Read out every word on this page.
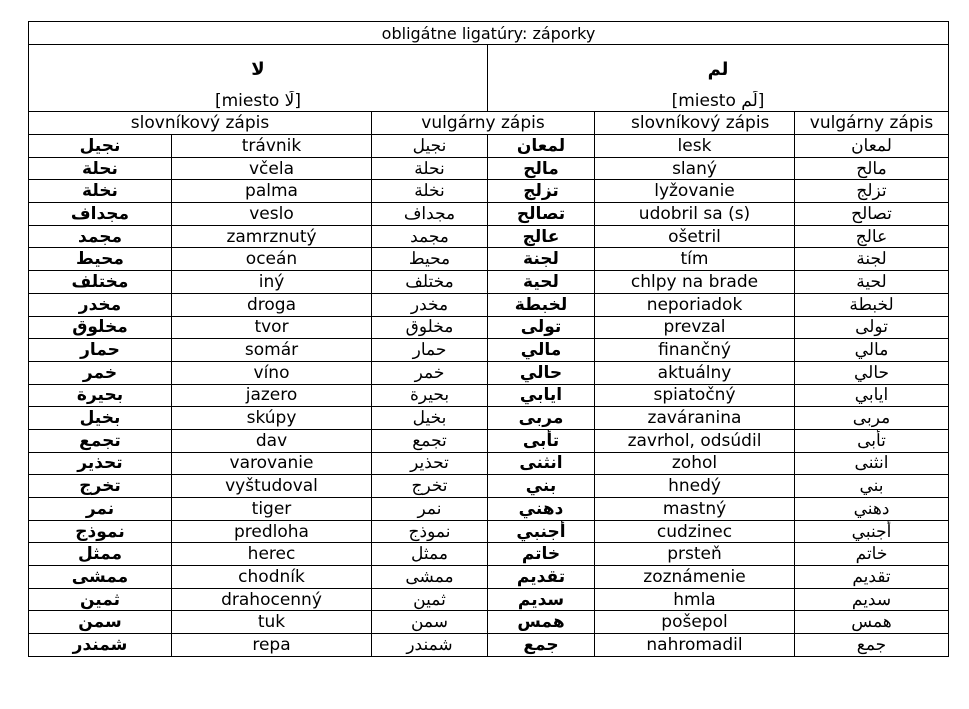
obligátne ligatúry: záporky					
لا			لم		
[miesto لَا]			[miesto لَم]		
slovníkový zápis		vulgárny zápis		slovníkový zápis	vulgárny zápis
نجيل	trávnik	نجيل	لمعان	lesk	لمعان
نحلة	včela	نحلة	مالح	slaný	مالح
نخلة	palma	نخلة	تزلج	lyžovanie	تزلج
مجداف	veslo	مجداف	تصالح	udobril sa (s)	تصالح
مجمد	zamrznutý	مجمد	عالج	ošetril	عالج
محيط	oceán	محيط	لجنة	tím	لجنة
مختلف	iný	مختلف	لحية	chlpy na brade	لحية
مخدر	droga	مخدر	لخبطة	neporiadok	لخبطة
مخلوق	tvor	مخلوق	تولى	prevzal	تولى
حمار	somár	حمار	مالي	finančný	مالي
خمر	víno	خمر	حالي	aktuálny	حالي
بحيرة	jazero	بحيرة	ايابي	spiatočný	ايابي
بخيل	skúpy	بخيل	مربى	zaváranina	مربى
تجمع	dav	تجمع	تأبى	zavrhol, odsúdil	تأبى
تحذير	varovanie	تحذير	انثنى	zohol	انثنى
تخرج	vyštudoval	تخرج	بني	hnedý	بني
نمر	tiger	نمر	دهني	mastný	دهني
نموذج	predloha	نموذج	أجنبي	cudzinec	أجنبي
ممثل	herec	ممثل	خاتم	prsteň	خاتم
ممشى	chodník	ممشى	تقديم	zoznámenie	تقديم
ثمين	drahocenný	ثمين	سديم	hmla	سديم
سمن	tuk	سمن	همس	pošepol	همس
شمندر	repa	شمندر	جمع	nahromadil	جمع
